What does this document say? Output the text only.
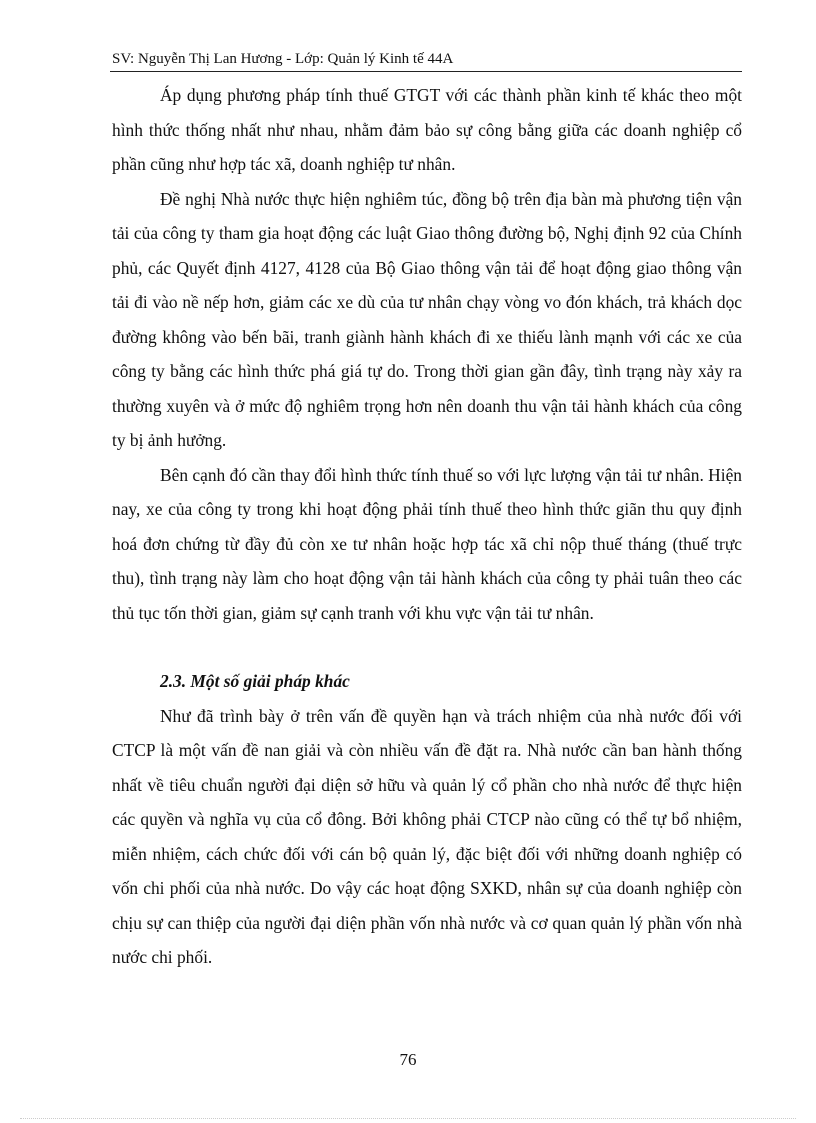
SV: Nguyễn Thị Lan Hương - Lớp: Quản lý Kinh tế 44A

Áp dụng phương pháp tính thuế GTGT với các thành phần kinh tế khác theo một hình thức thống nhất như nhau, nhằm đảm bảo sự công bằng giữa các doanh nghiệp cổ phần cũng như hợp tác xã, doanh nghiệp tư nhân.

Đề nghị Nhà nước thực hiện nghiêm túc, đồng bộ trên địa bàn mà phương tiện vận tải của công ty tham gia hoạt động các luật Giao thông đường bộ, Nghị định 92 của Chính phủ, các Quyết định 4127, 4128 của Bộ Giao thông vận tải để hoạt động giao thông vận tải đi vào nề nếp hơn, giảm các xe dù của tư nhân chạy vòng vo đón khách, trả khách dọc đường không vào bến bãi, tranh giành hành khách đi xe thiếu lành mạnh với các xe của công ty bằng các hình thức phá giá tự do. Trong thời gian gần đây, tình trạng này xảy ra thường xuyên và ở mức độ nghiêm trọng hơn nên doanh thu vận tải hành khách của công ty bị ảnh hưởng.

Bên cạnh đó cần thay đổi hình thức tính thuế so với lực lượng vận tải tư nhân. Hiện nay, xe của công ty trong khi hoạt động phải tính thuế theo hình thức giãn thu quy định hoá đơn chứng từ đầy đủ còn xe tư nhân hoặc hợp tác xã chỉ nộp thuế tháng (thuế trực thu), tình trạng này làm cho hoạt động vận tải hành khách của công ty phải tuân theo các thủ tục tốn thời gian, giảm sự cạnh tranh với khu vực vận tải tư nhân.

2.3. Một số giải pháp khác

Như đã trình bày ở trên vấn đề quyền hạn và trách nhiệm của nhà nước đối với CTCP là một vấn đề nan giải và còn nhiều vấn đề đặt ra. Nhà nước cần ban hành thống nhất về tiêu chuẩn người đại diện sở hữu và quản lý cổ phần cho nhà nước để thực hiện các quyền và nghĩa vụ của cổ đông. Bởi không phải CTCP nào cũng có thể tự bổ nhiệm, miễn nhiệm, cách chức đối với cán bộ quản lý, đặc biệt đối với những doanh nghiệp có vốn chi phối của nhà nước. Do vậy các hoạt động SXKD, nhân sự của doanh nghiệp còn chịu sự can thiệp của người đại diện phần vốn nhà nước và cơ quan quản lý phần vốn nhà nước chi phối.

76
